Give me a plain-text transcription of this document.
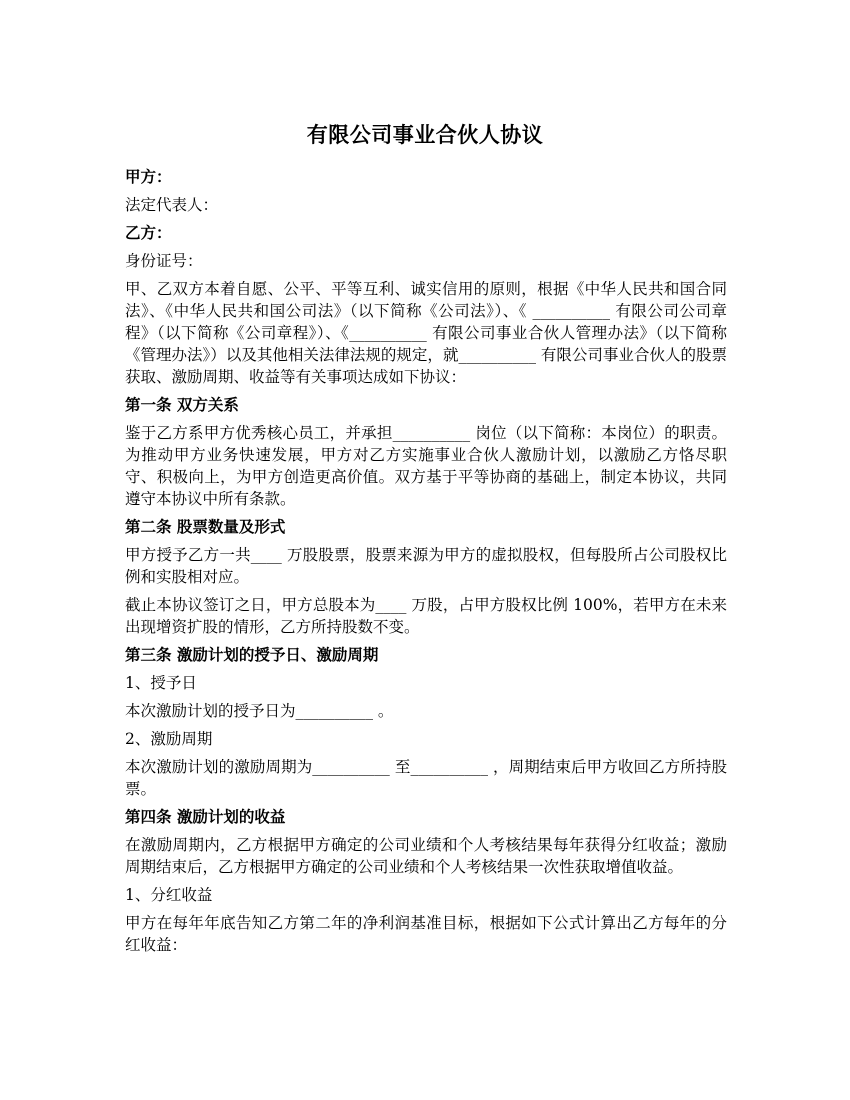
有限公司事业合伙人协议

甲方：

法定代表人：

乙方：

身份证号：

甲、乙双方本着自愿、公平、平等互利、诚实信用的原则，根据《中华人民共和国合同法》、《中华人民共和国公司法》（以下简称《公司法》）、《 __________ 有限公司公司章程》（以下简称《公司章程》）、《__________ 有限公司事业合伙人管理办法》（以下简称《管理办法》）以及其他相关法律法规的规定，就__________ 有限公司事业合伙人的股票获取、激励周期、收益等有关事项达成如下协议：

第一条 双方关系

鉴于乙方系甲方优秀核心员工，并承担__________ 岗位（以下简称：本岗位）的职责。为推动甲方业务快速发展，甲方对乙方实施事业合伙人激励计划，以激励乙方恪尽职守、积极向上，为甲方创造更高价值。双方基于平等协商的基础上，制定本协议，共同遵守本协议中所有条款。

第二条 股票数量及形式

甲方授予乙方一共____ 万股股票，股票来源为甲方的虚拟股权，但每股所占公司股权比例和实股相对应。

截止本协议签订之日，甲方总股本为____ 万股，占甲方股权比例 100%，若甲方在未来出现增资扩股的情形，乙方所持股数不变。

第三条 激励计划的授予日、激励周期

1、授予日

本次激励计划的授予日为__________ 。

2、激励周期

本次激励计划的激励周期为__________ 至__________ ，周期结束后甲方收回乙方所持股票。

第四条 激励计划的收益

在激励周期内，乙方根据甲方确定的公司业绩和个人考核结果每年获得分红收益；激励周期结束后，乙方根据甲方确定的公司业绩和个人考核结果一次性获取增值收益。

1、分红收益

甲方在每年年底告知乙方第二年的净利润基准目标，根据如下公式计算出乙方每年的分红收益：
